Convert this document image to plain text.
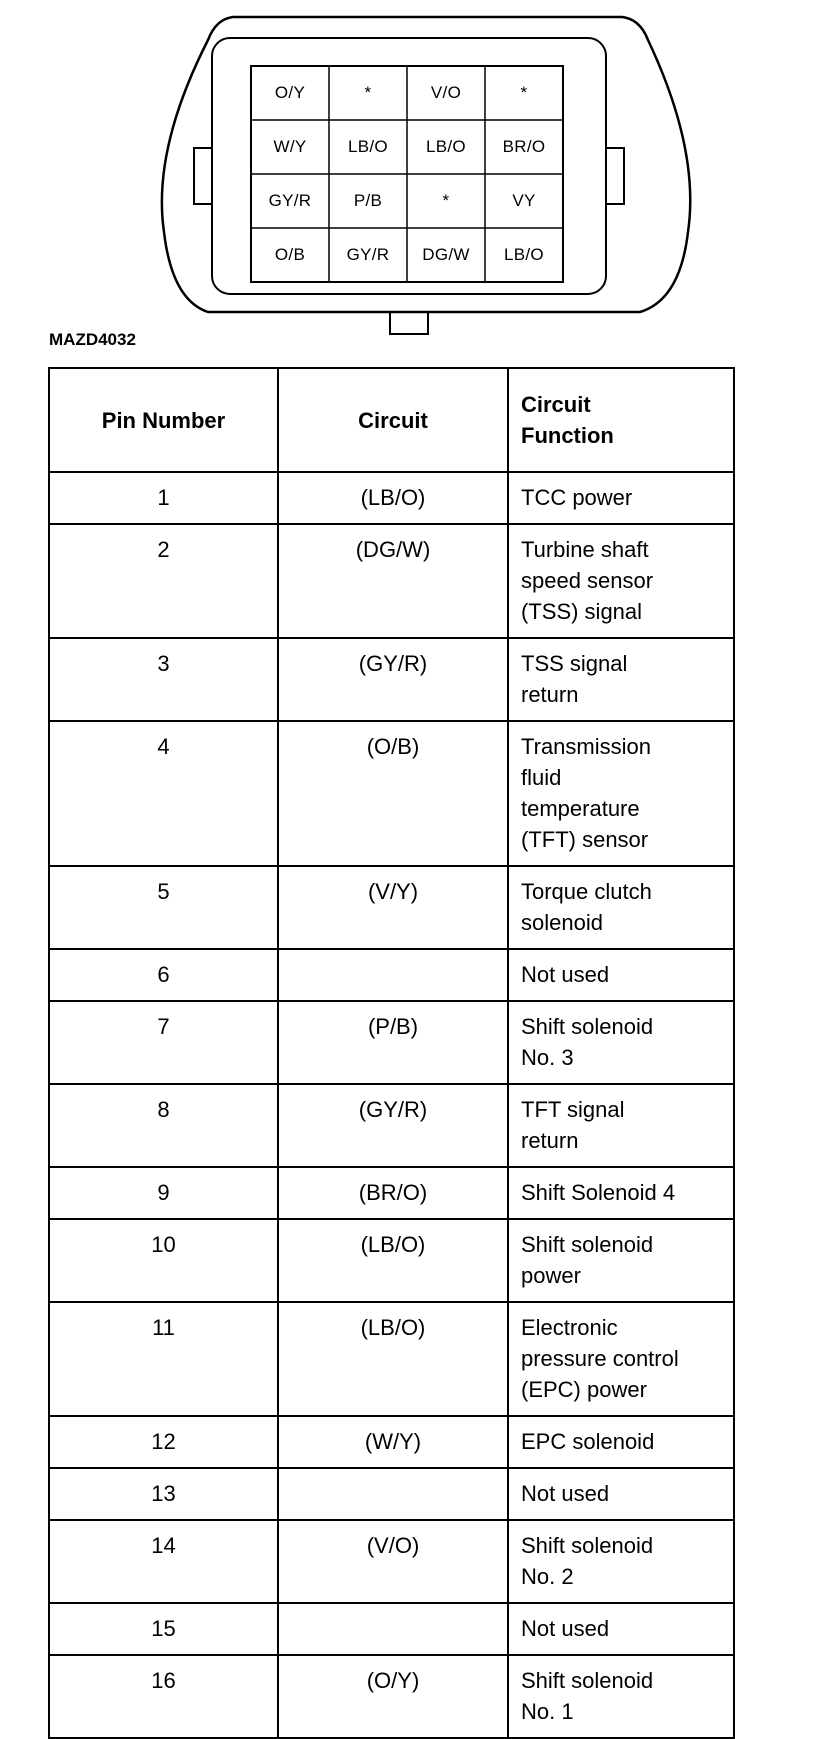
O/Y	*	V/O	*
W/Y	LB/O	LB/O	BR/O
GY/R	P/B	*	VY
O/B	GY/R	DG/W	LB/O
MAZD4032
Pin Number	Circuit	Circuit
Function
1	(LB/O)	TCC power

2	(DG/W)	Turbine shaft
speed sensor
(TSS) signal

3	(GY/R)	TSS signal
return

4	(O/B)	Transmission
fluid
temperature
(TFT) sensor

5	(V/Y)	Torque clutch
solenoid

6		Not used

7	(P/B)	Shift solenoid
No. 3

8	(GY/R)	TFT signal
return

9	(BR/O)	Shift Solenoid 4

10	(LB/O)	Shift solenoid
power

11	(LB/O)	Electronic
pressure control
(EPC) power

12	(W/Y)	EPC solenoid

13		Not used

14	(V/O)	Shift solenoid
No. 2

15		Not used

16	(O/Y)	Shift solenoid
No. 1
